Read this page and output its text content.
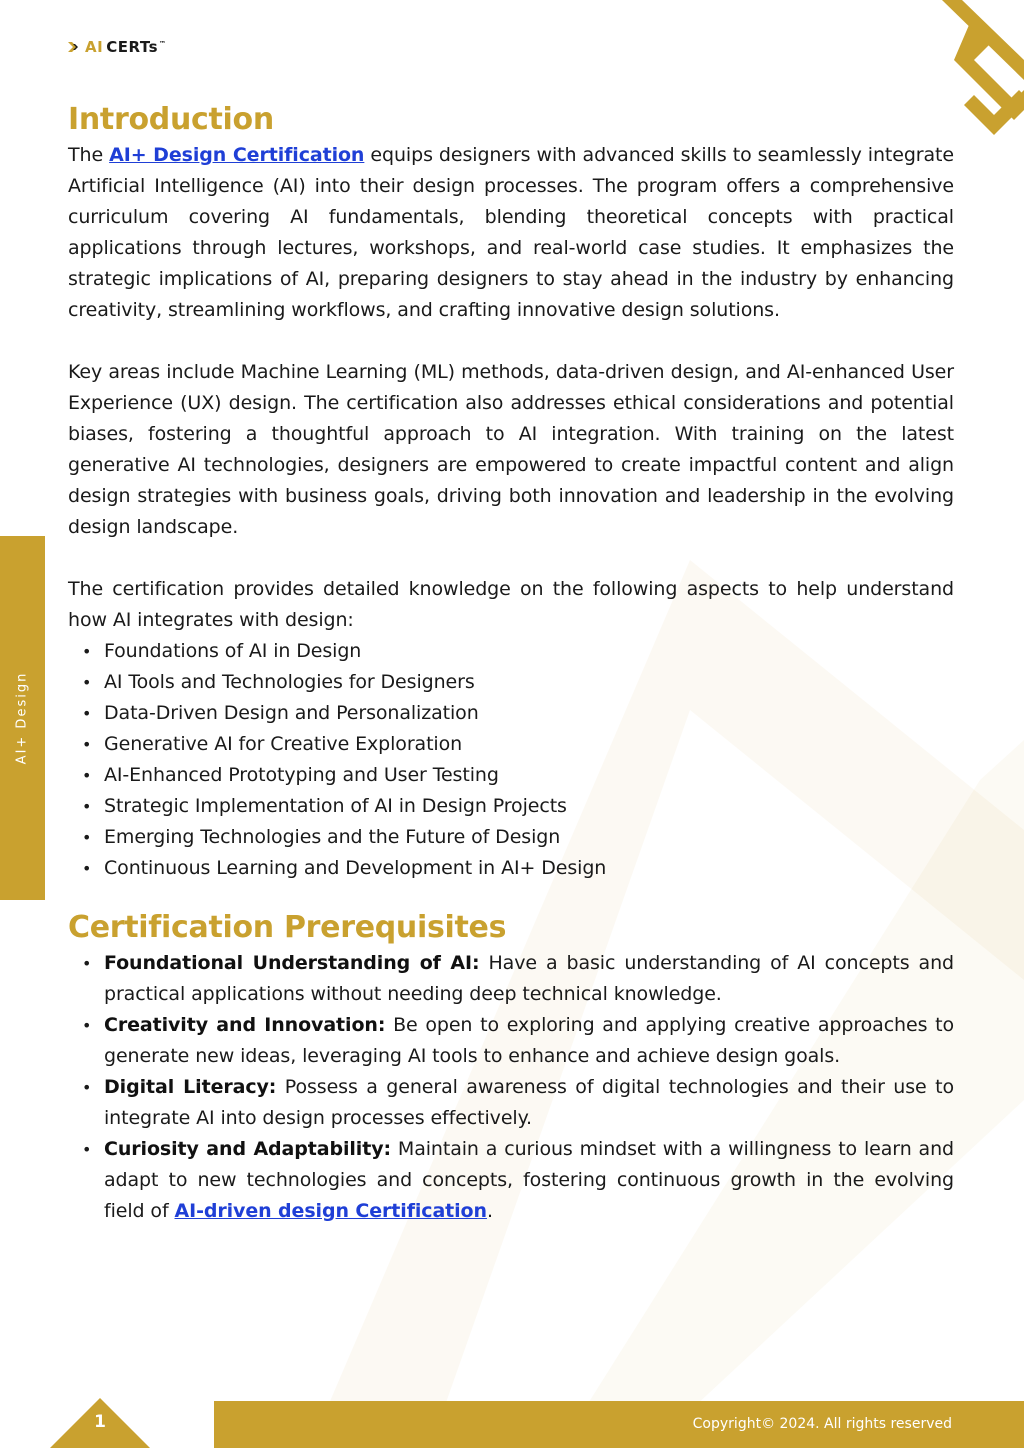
AI CERTs™
AI+ Design
Introduction

The AI+ Design Certification equips designers with advanced skills to seamlessly integrate Artificial Intelligence (AI) into their design processes. The program offers a comprehensive curriculum covering AI fundamentals, blending theoretical concepts with practical applications through lectures, workshops, and real-world case studies. It emphasizes the strategic implications of AI, preparing designers to stay ahead in the industry by enhancing creativity, streamlining workflows, and crafting innovative design solutions.

Key areas include Machine Learning (ML) methods, data-driven design, and AI-enhanced User Experience (UX) design. The certification also addresses ethical considerations and potential biases, fostering a thoughtful approach to AI integration. With training on the latest generative AI technologies, designers are empowered to create impactful content and align design strategies with business goals, driving both innovation and leadership in the evolving design landscape.

The certification provides detailed knowledge on the following aspects to help understand how AI integrates with design:

• Foundations of AI in Design
• AI Tools and Technologies for Designers
• Data-Driven Design and Personalization
• Generative AI for Creative Exploration
• AI-Enhanced Prototyping and User Testing
• Strategic Implementation of AI in Design Projects
• Emerging Technologies and the Future of Design
• Continuous Learning and Development in AI+ Design
Certification Prerequisites
• Foundational Understanding of AI: Have a basic understanding of AI concepts and practical applications without needing deep technical knowledge.
• Creativity and Innovation: Be open to exploring and applying creative approaches to generate new ideas, leveraging AI tools to enhance and achieve design goals.
• Digital Literacy: Possess a general awareness of digital technologies and their use to integrate AI into design processes effectively.
• Curiosity and Adaptability: Maintain a curious mindset with a willingness to learn and adapt to new technologies and concepts, fostering continuous growth in the evolving field of AI-driven design Certification.
1	Copyright© 2024. All rights reserved
